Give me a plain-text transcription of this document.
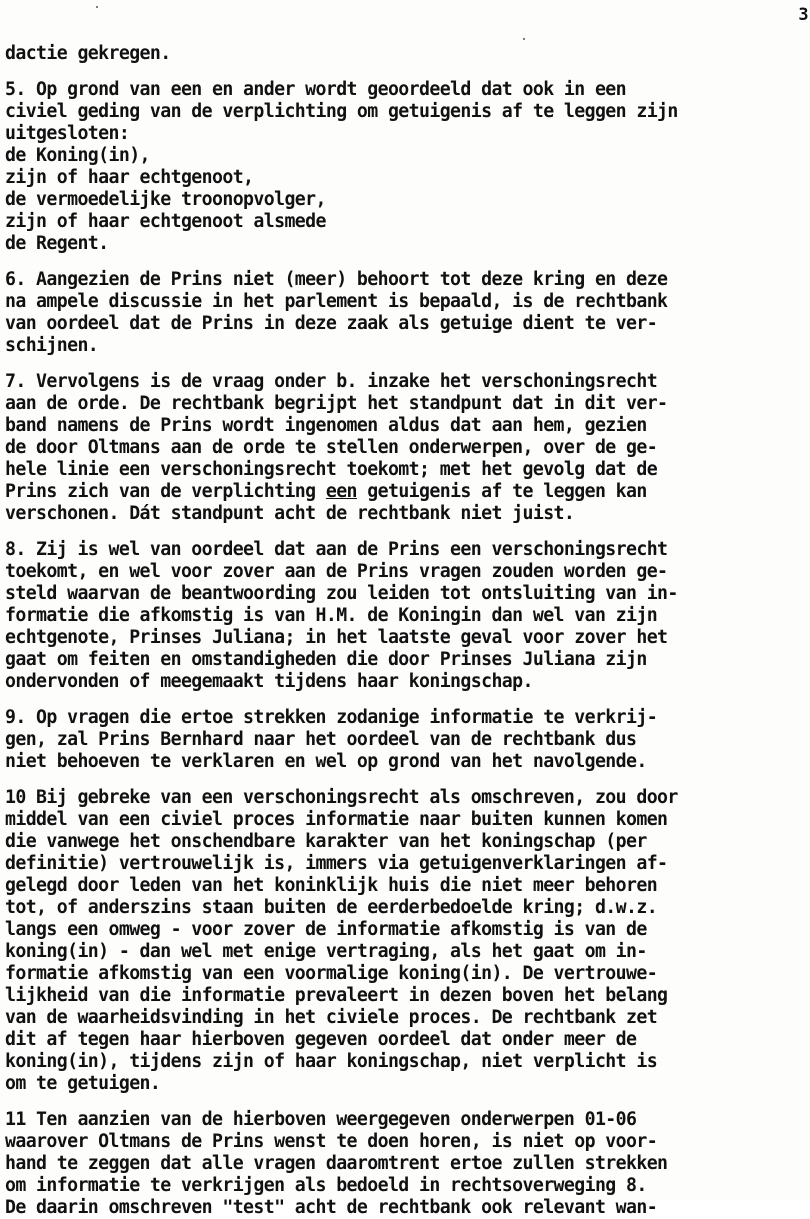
3
dactie gekregen.
5. Op grond van een en ander wordt geoordeeld dat ook in een
civiel geding van de verplichting om getuigenis af te leggen zijn
uitgesloten:
de Koning(in),
zijn of haar echtgenoot,
de vermoedelijke troonopvolger,
zijn of haar echtgenoot alsmede
de Regent.
6. Aangezien de Prins niet (meer) behoort tot deze kring en deze
na ampele discussie in het parlement is bepaald, is de rechtbank
van oordeel dat de Prins in deze zaak als getuige dient te ver-
schijnen.
7. Vervolgens is de vraag onder b. inzake het verschoningsrecht
aan de orde. De rechtbank begrijpt het standpunt dat in dit ver-
band namens de Prins wordt ingenomen aldus dat aan hem, gezien
de door Oltmans aan de orde te stellen onderwerpen, over de ge-
hele linie een verschoningsrecht toekomt; met het gevolg dat de
Prins zich van de verplichting een getuigenis af te leggen kan
verschonen. Dát standpunt acht de rechtbank niet juist.
8. Zij is wel van oordeel dat aan de Prins een verschoningsrecht
toekomt, en wel voor zover aan de Prins vragen zouden worden ge-
steld waarvan de beantwoording zou leiden tot ontsluiting van in-
formatie die afkomstig is van H.M. de Koningin dan wel van zijn
echtgenote, Prinses Juliana; in het laatste geval voor zover het
gaat om feiten en omstandigheden die door Prinses Juliana zijn
ondervonden of meegemaakt tijdens haar koningschap.
9. Op vragen die ertoe strekken zodanige informatie te verkrij-
gen, zal Prins Bernhard naar het oordeel van de rechtbank dus
niet behoeven te verklaren en wel op grond van het navolgende.
10 Bij gebreke van een verschoningsrecht als omschreven, zou door
middel van een civiel proces informatie naar buiten kunnen komen
die vanwege het onschendbare karakter van het koningschap (per
definitie) vertrouwelijk is, immers via getuigenverklaringen af-
gelegd door leden van het koninklijk huis die niet meer behoren
tot, of anderszins staan buiten de eerderbedoelde kring; d.w.z.
langs een omweg - voor zover de informatie afkomstig is van de
koning(in) - dan wel met enige vertraging, als het gaat om in-
formatie afkomstig van een voormalige koning(in). De vertrouwe-
lijkheid van die informatie prevaleert in dezen boven het belang
van de waarheidsvinding in het civiele proces. De rechtbank zet
dit af tegen haar hierboven gegeven oordeel dat onder meer de
koning(in), tijdens zijn of haar koningschap, niet verplicht is
om te getuigen.
11 Ten aanzien van de hierboven weergegeven onderwerpen 01-06
waarover Oltmans de Prins wenst te doen horen, is niet op voor-
hand te zeggen dat alle vragen daaromtrent ertoe zullen strekken
om informatie te verkrijgen als bedoeld in rechtsoverweging 8.
De daarin omschreven "test" acht de rechtbank ook relevant wan-
